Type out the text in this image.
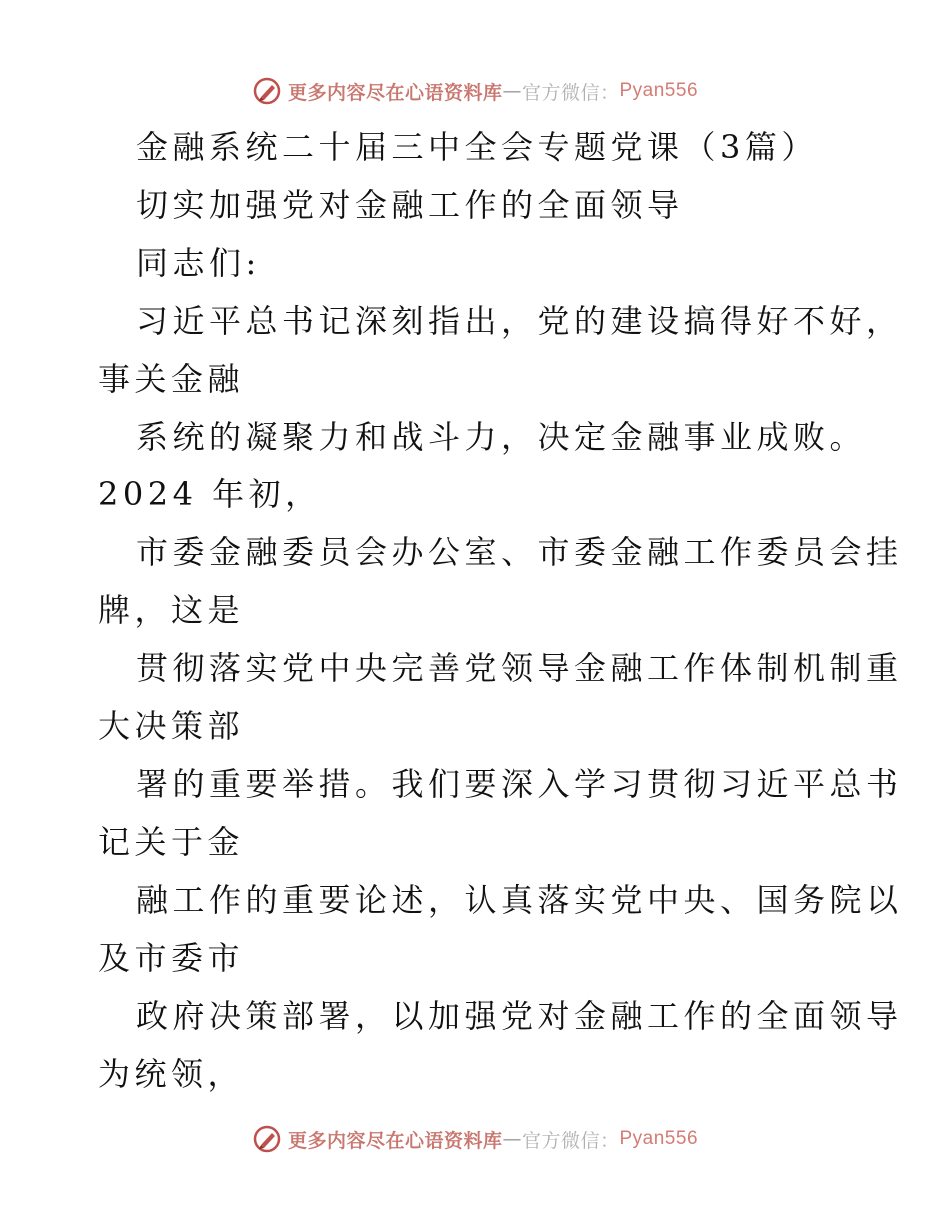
更多内容尽在心语资料库 — 官方微信： Pyan556
金融系统二十届三中全会专题党课（3篇）
切实加强党对金融工作的全面领导
同志们:
习近平总书记深刻指出，党的建设搞得好不好，
事关金融
系统的凝聚力和战斗力，决定金融事业成败。
2024 年初，
市委金融委员会办公室、市委金融工作委员会挂
牌，这是
贯彻落实党中央完善党领导金融工作体制机制重
大决策部
署的重要举措。我们要深入学习贯彻习近平总书
记关于金
融工作的重要论述，认真落实党中央、国务院以
及市委市
政府决策部署，以加强党对金融工作的全面领导
为统领，
更多内容尽在心语资料库 — 官方微信： Pyan556
